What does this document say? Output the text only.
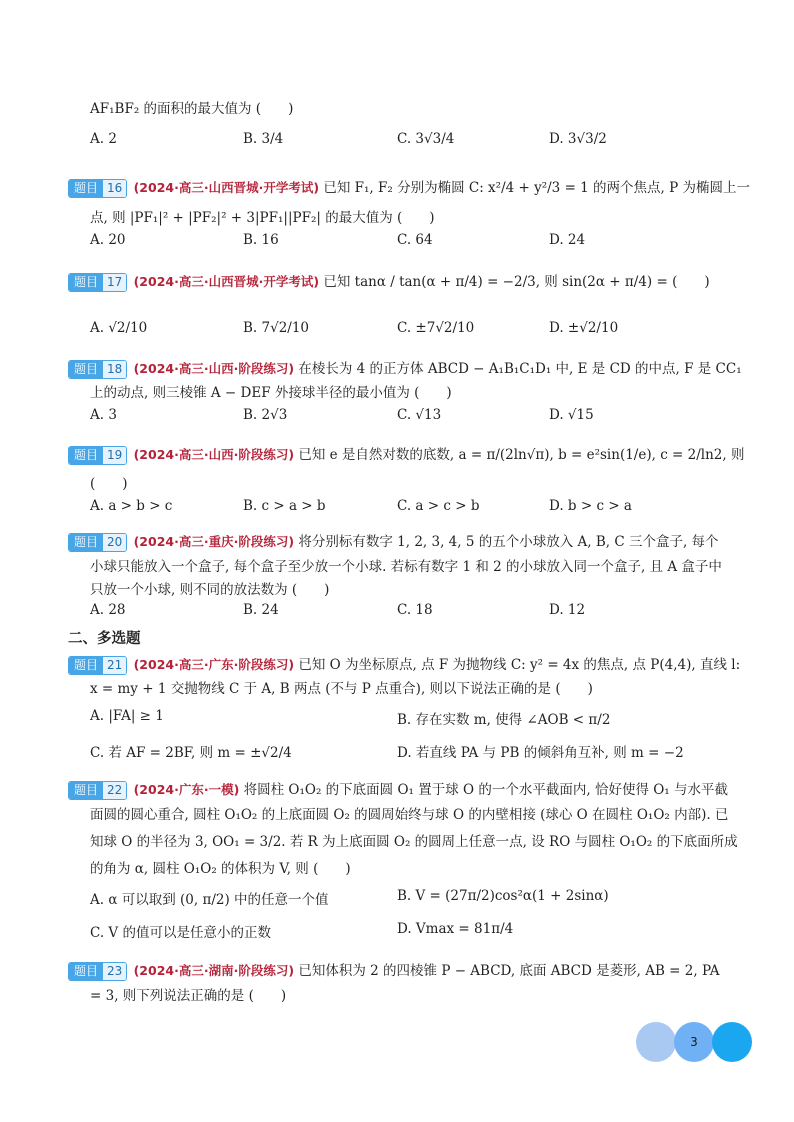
AF₁BF₂ 的面积的最大值为 (　　)
A. 2	B. 3/4	C. 3√3/4	D. 3√3/2
题目 16 (2024·高三·山西晋城·开学考试) 已知 F₁, F₂ 分别为椭圆 C: x²/4 + y²/3 = 1 的两个焦点, P 为椭圆上一
点, 则 |PF₁|² + |PF₂|² + 3|PF₁||PF₂| 的最大值为 (　　)
A. 20	B. 16	C. 64	D. 24
题目 17 (2024·高三·山西晋城·开学考试) 已知 tanα / tan(α + π/4) = −2/3, 则 sin(2α + π/4) = (　　)
A. √2/10	B. 7√2/10	C. ±7√2/10	D. ±√2/10
题目 18 (2024·高三·山西·阶段练习) 在棱长为 4 的正方体 ABCD − A₁B₁C₁D₁ 中, E 是 CD 的中点, F 是 CC₁
上的动点, 则三棱锥 A − DEF 外接球半径的最小值为 (　　)
A. 3	B. 2√3	C. √13	D. √15
题目 19 (2024·高三·山西·阶段练习) 已知 e 是自然对数的底数, a = π/(2ln√π), b = e²sin(1/e), c = 2/ln2, 则
(　　)
A. a > b > c	B. c > a > b	C. a > c > b	D. b > c > a
题目 20 (2024·高三·重庆·阶段练习) 将分别标有数字 1, 2, 3, 4, 5 的五个小球放入 A, B, C 三个盒子, 每个
小球只能放入一个盒子, 每个盒子至少放一个小球. 若标有数字 1 和 2 的小球放入同一个盒子, 且 A 盒子中
只放一个小球, 则不同的放法数为 (　　)
A. 28	B. 24	C. 18	D. 12
二、多选题
题目 21 (2024·高三·广东·阶段练习) 已知 O 为坐标原点, 点 F 为抛物线 C: y² = 4x 的焦点, 点 P(4,4), 直线 l:
x = my + 1 交抛物线 C 于 A, B 两点 (不与 P 点重合), 则以下说法正确的是 (　　)
A. |FA| ≥ 1	B. 存在实数 m, 使得 ∠AOB < π/2
C. 若 AF = 2BF, 则 m = ±√2/4	D. 若直线 PA 与 PB 的倾斜角互补, 则 m = −2
题目 22 (2024·广东·一模) 将圆柱 O₁O₂ 的下底面圆 O₁ 置于球 O 的一个水平截面内, 恰好使得 O₁ 与水平截
面圆的圆心重合, 圆柱 O₁O₂ 的上底面圆 O₂ 的圆周始终与球 O 的内壁相接 (球心 O 在圆柱 O₁O₂ 内部). 已
知球 O 的半径为 3, OO₁ = 3/2. 若 R 为上底面圆 O₂ 的圆周上任意一点, 设 RO 与圆柱 O₁O₂ 的下底面所成
的角为 α, 圆柱 O₁O₂ 的体积为 V, 则 (　　)
A. α 可以取到 (0, π/2) 中的任意一个值	B. V = (27π/2)cos²α(1 + 2sinα)
C. V 的值可以是任意小的正数	D. Vmax = 81π/4
题目 23 (2024·高三·湖南·阶段练习) 已知体积为 2 的四棱锥 P − ABCD, 底面 ABCD 是菱形, AB = 2, PA
= 3, 则下列说法正确的是 (　　)
3
